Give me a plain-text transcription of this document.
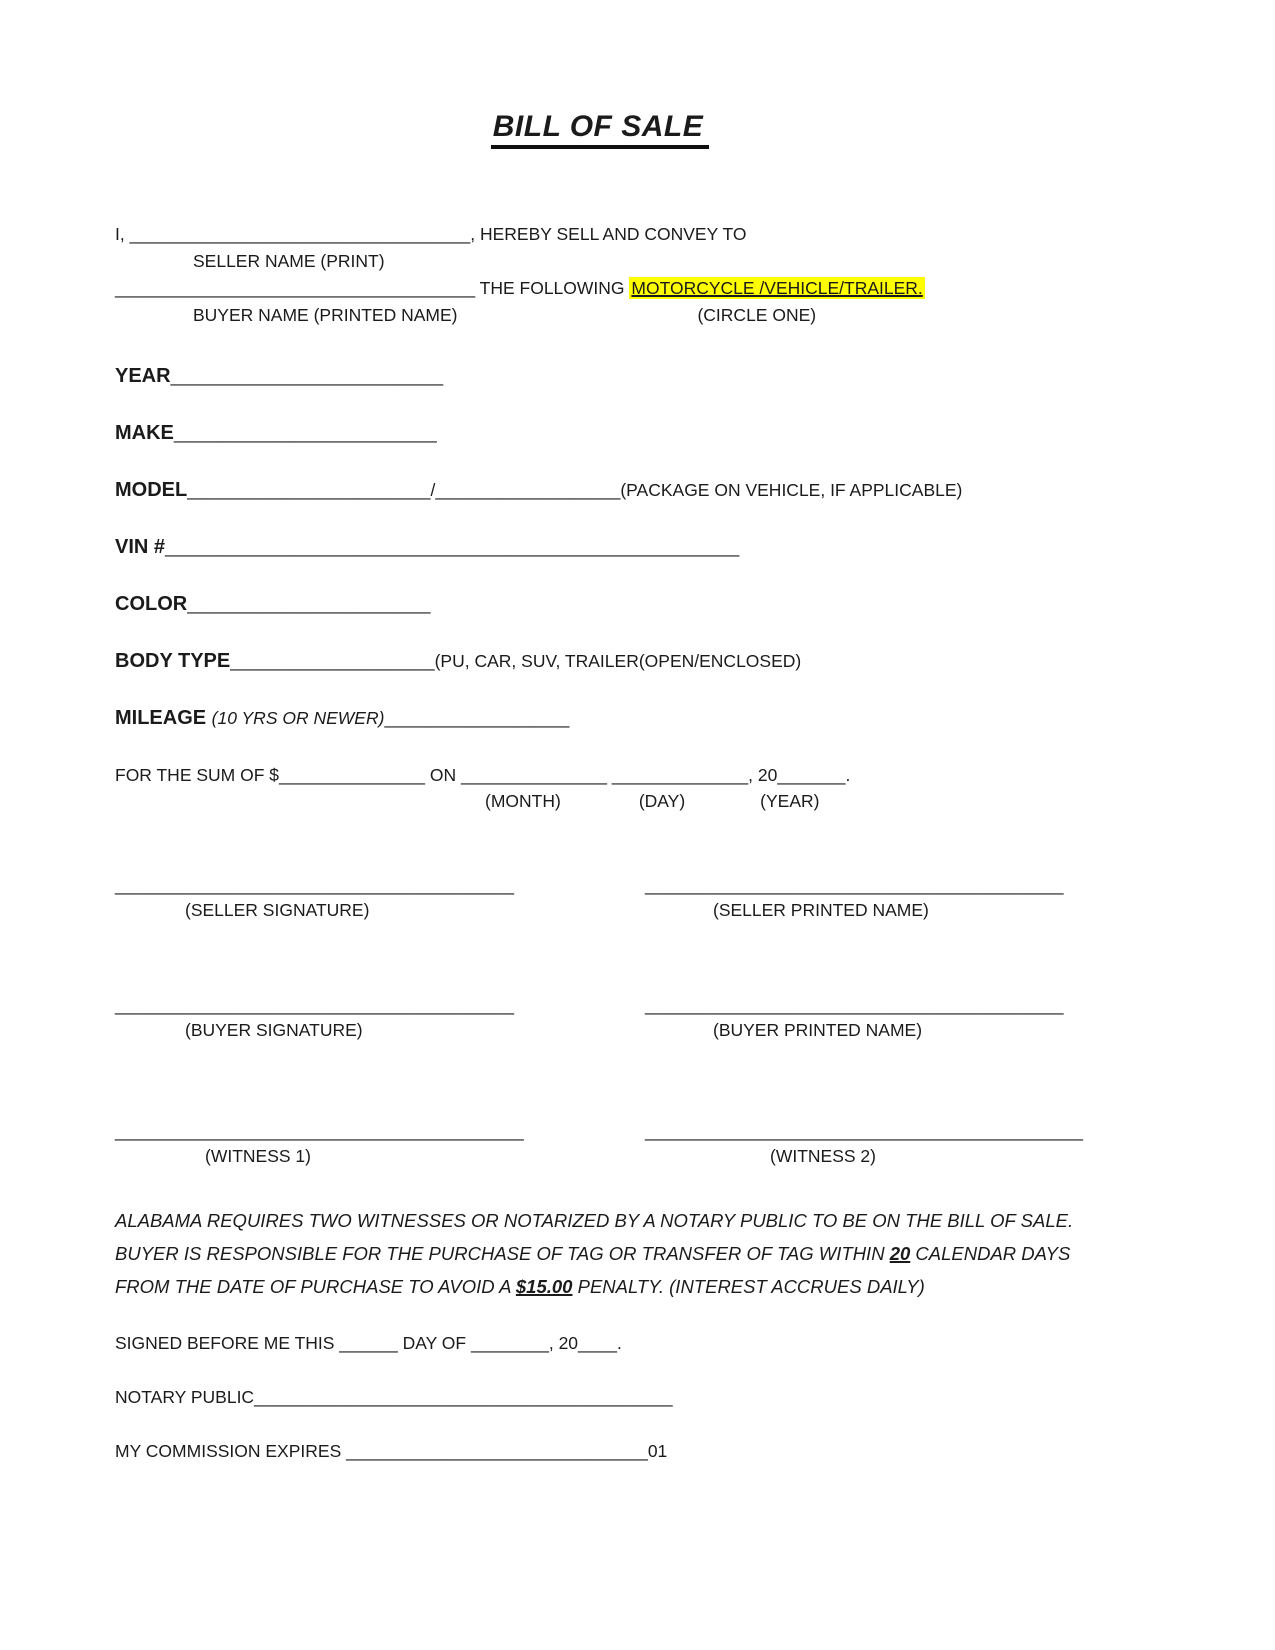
BILL OF SALE
I, ___________________________________, HEREBY SELL AND CONVEY TO
SELLER NAME (PRINT)
_____________________________________ THE FOLLOWING MOTORCYCLE /VEHICLE/TRAILER.
BUYER NAME (PRINTED NAME)	(CIRCLE ONE)
YEAR____________________________
MAKE___________________________
MODEL_________________________/___________________(PACKAGE ON VEHICLE, IF APPLICABLE)
VIN #___________________________________________________________
COLOR_________________________
BODY TYPE_____________________(PU, CAR, SUV, TRAILER(OPEN/ENCLOSED)
MILEAGE (10 YRS OR NEWER)___________________
FOR THE SUM OF $_______________ ON _______________ ______________, 20_______.
(MONTH)	(DAY)	(YEAR)
_________________________________________	___________________________________________
(SELLER SIGNATURE)	(SELLER PRINTED NAME)
_________________________________________	___________________________________________
(BUYER SIGNATURE)	(BUYER PRINTED NAME)
__________________________________________	_____________________________________________
(WITNESS 1)	(WITNESS 2)
ALABAMA REQUIRES TWO WITNESSES OR NOTARIZED BY A NOTARY PUBLIC TO BE ON THE BILL OF SALE. BUYER IS RESPONSIBLE FOR THE PURCHASE OF TAG OR TRANSFER OF TAG WITHIN 20 CALENDAR DAYS FROM THE DATE OF PURCHASE TO AVOID A $15.00 PENALTY. (INTEREST ACCRUES DAILY)
SIGNED BEFORE ME THIS ______ DAY OF ________, 20____.
NOTARY PUBLIC___________________________________________
MY COMMISSION EXPIRES _______________________________01
